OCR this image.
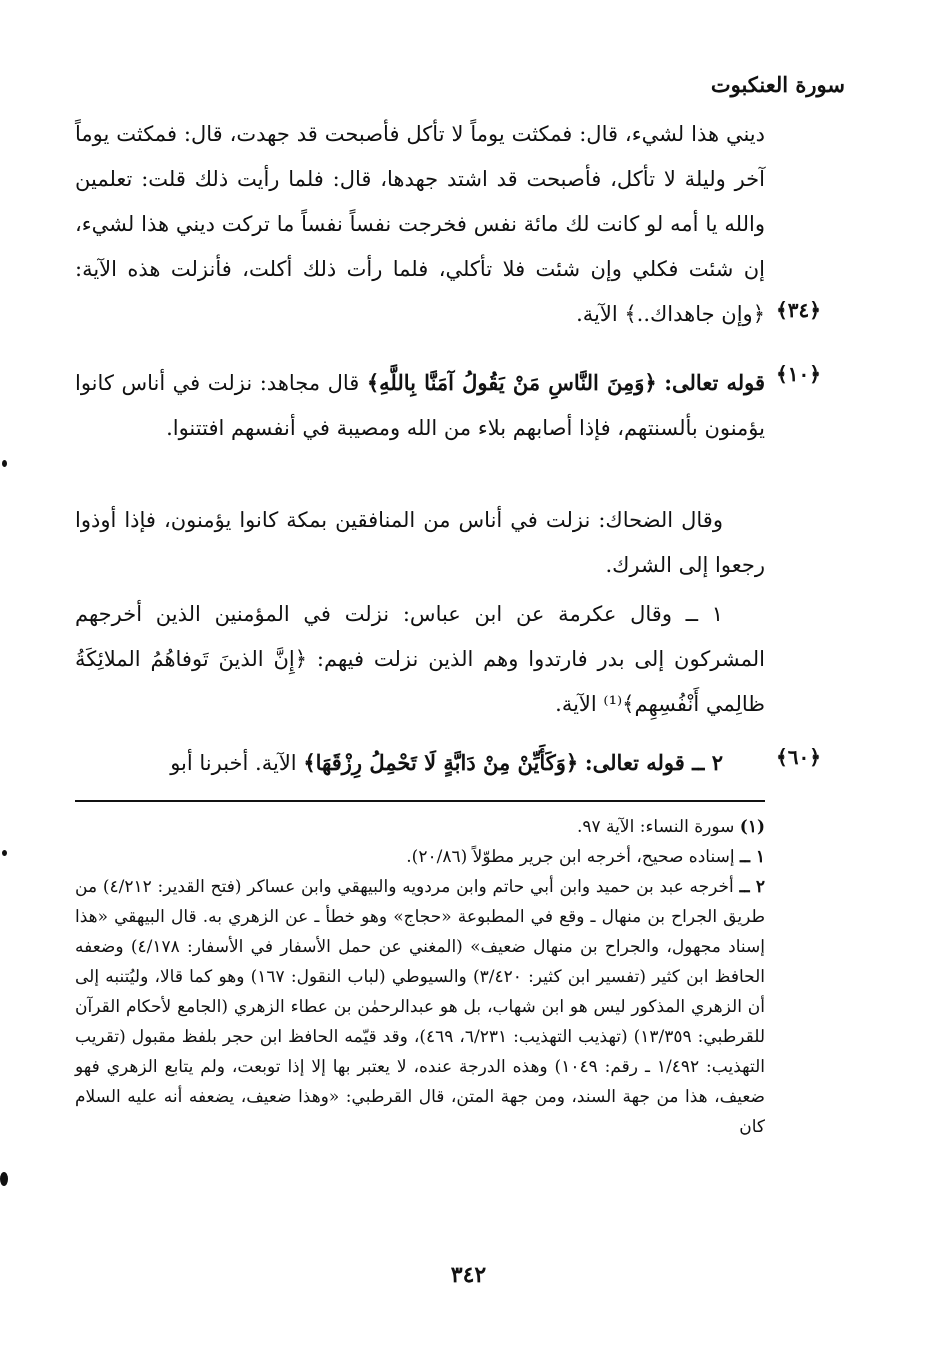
سورة العنكبوت

ديني هذا لشيء، قال: فمكثت يوماً لا تأكل فأصبحت قد جهدت، قال: فمكثت يوماً آخر وليلة لا تأكل، فأصبحت قد اشتد جهدها، قال: فلما رأيت ذلك قلت: تعلمين والله يا أمه لو كانت لك مائة نفس فخرجت نفساً نفساً ما تركت ديني هذا لشيء، إن شئت فكلي وإن شئت فلا تأكلي، فلما رأت ذلك أكلت، فأنزلت هذه الآية: ﴿وإن جاهداك..﴾ الآية. ﴿٣٤﴾

قوله تعالى: ﴿وَمِنَ النَّاسِ مَنْ يَقُولُ آمَنَّا بِاللَّهِ﴾ قال مجاهد: نزلت في أناس كانوا يؤمنون بألسنتهم، فإذا أصابهم بلاء من الله ومصيبة في أنفسهم افتتنوا.

﴿١٠﴾

وقال الضحاك: نزلت في أناس من المنافقين بمكة كانوا يؤمنون، فإذا أوذوا رجعوا إلى الشرك.

١ ــ وقال عكرمة عن ابن عباس: نزلت في المؤمنين الذين أخرجهم المشركون إلى بدر فارتدوا وهم الذين نزلت فيهم: ﴿إِنَّ الذينَ تَوفاهُمُ الملائِكَةُ ظالِمي أَنْفُسِهِم﴾⁽¹⁾ الآية.

٢ ــ قوله تعالى: ﴿وَكَأَيِّنْ مِنْ دَابَّةٍ لَا تَحْمِلُ رِزْقَهَا﴾ الآية. أخبرنا أبو	﴿٦٠﴾

(١) سورة النساء: الآية ٩٧.

١ ــ إسناده صحيح، أخرجه ابن جرير مطوّلاً (٢٠/٨٦).

٢ ــ أخرجه عبد بن حميد وابن أبي حاتم وابن مردويه والبيهقي وابن عساكر (فتح القدير: ٤/٢١٢) من طريق الجراح بن منهال ـ وقع في المطبوعة «حجاج» وهو خطأ ـ عن الزهري به. قال البيهقي «هذا إسناد مجهول، والجراح بن منهال ضعيف» (المغني عن حمل الأسفار في الأسفار: ٤/١٧٨) وضعفه الحافظ ابن كثير (تفسير ابن كثير: ٣/٤٢٠) والسيوطي (لباب النقول: ١٦٧) وهو كما قالا، وليُتنبه إلى أن الزهري المذكور ليس هو ابن شهاب، بل هو عبدالرحمٰن بن عطاء الزهري (الجامع لأحكام القرآن للقرطبي: ١٣/٣٥٩) (تهذيب التهذيب: ٦/٢٣١، ٤٦٩)، وقد قيّمه الحافظ ابن حجر بلفظ مقبول (تقريب التهذيب: ١/٤٩٢ ـ رقم: ١٠٤٩) وهذه الدرجة عنده، لا يعتبر بها إلا إذا توبعت، ولم يتابع الزهري فهو ضعيف، هذا من جهة السند، ومن جهة المتن، قال القرطبي: «وهذا ضعيف، يضعفه أنه عليه السلام كان

٣٤٢
